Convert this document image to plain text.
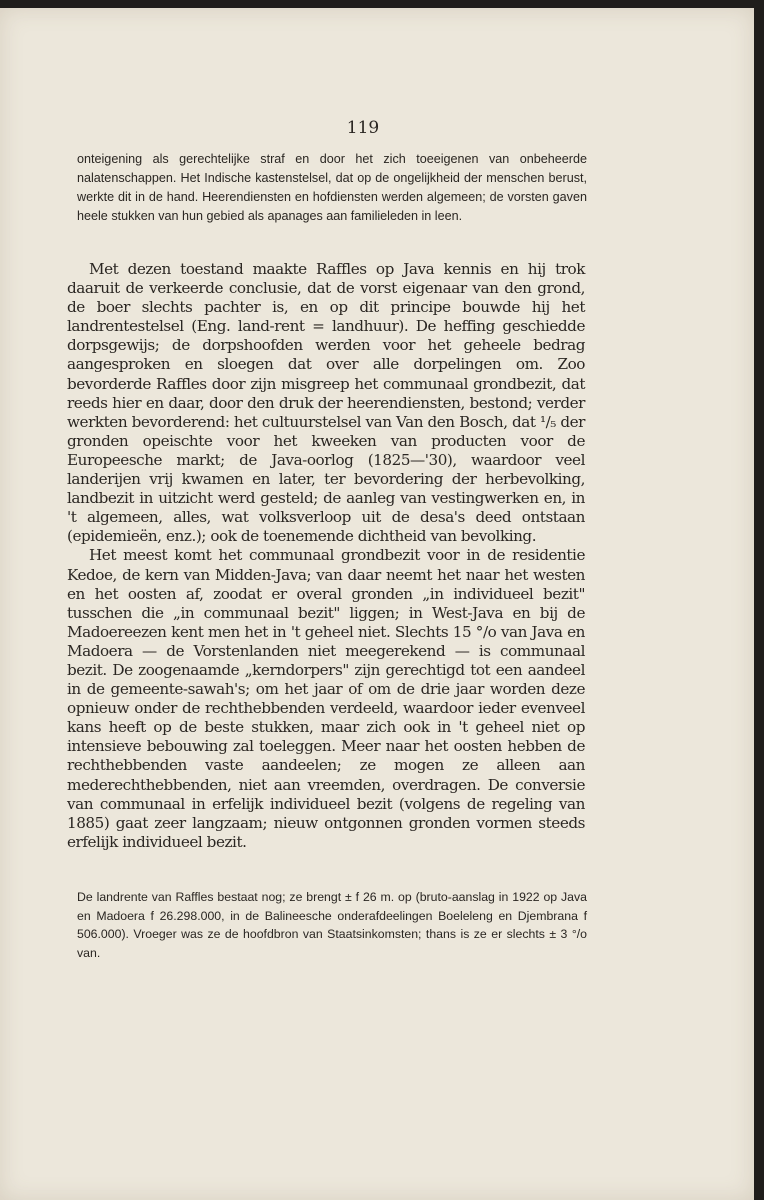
119
onteigening als gerechtelijke straf en door het zich toeeigenen van onbeheerde nalatenschappen. Het Indische kastenstelsel, dat op de ongelijkheid der menschen berust, werkte dit in de hand. Heerendiensten en hofdiensten werden algemeen; de vorsten gaven heele stukken van hun gebied als apanages aan familieleden in leen.

Met dezen toestand maakte Raffles op Java kennis en hij trok daaruit de verkeerde conclusie, dat de vorst eigenaar van den grond, de boer slechts pachter is, en op dit principe bouwde hij het landrentestelsel (Eng. land-rent = landhuur). De heffing geschiedde dorpsgewijs; de dorpshoofden werden voor het geheele bedrag aangesproken en sloegen dat over alle dorpelingen om. Zoo bevorderde Raffles door zijn misgreep het communaal grondbezit, dat reeds hier en daar, door den druk der heerendiensten, bestond; verder werkten bevorderend: het cultuurstelsel van Van den Bosch, dat ¹/₅ der gronden opeischte voor het kweeken van producten voor de Europeesche markt; de Java-oorlog (1825—'30), waardoor veel landerijen vrij kwamen en later, ter bevordering der herbevolking, landbezit in uitzicht werd gesteld; de aanleg van vestingwerken en, in 't algemeen, alles, wat volksverloop uit de desa's deed ontstaan (epidemieën, enz.); ook de toenemende dichtheid van bevolking.

Het meest komt het communaal grondbezit voor in de residentie Kedoe, de kern van Midden-Java; van daar neemt het naar het westen en het oosten af, zoodat er overal gronden „in individueel bezit" tusschen die „in communaal bezit" liggen; in West-Java en bij de Madoereezen kent men het in 't geheel niet. Slechts 15 °/o van Java en Madoera — de Vorstenlanden niet meegerekend — is communaal bezit. De zoogenaamde „kerndorpers" zijn gerechtigd tot een aandeel in de gemeente-sawah's; om het jaar of om de drie jaar worden deze opnieuw onder de rechthebbenden verdeeld, waardoor ieder evenveel kans heeft op de beste stukken, maar zich ook in 't geheel niet op intensieve bebouwing zal toeleggen. Meer naar het oosten hebben de rechthebbenden vaste aandeelen; ze mogen ze alleen aan mederechthebbenden, niet aan vreemden, overdragen. De conversie van communaal in erfelijk individueel bezit (volgens de regeling van 1885) gaat zeer langzaam; nieuw ontgonnen gronden vormen steeds erfelijk individueel bezit.

De landrente van Raffles bestaat nog; ze brengt ± f 26 m. op (bruto-aanslag in 1922 op Java en Madoera f 26.298.000, in de Balineesche onderafdeelingen Boeleleng en Djembrana f 506.000). Vroeger was ze de hoofdbron van Staatsinkomsten; thans is ze er slechts ± 3 °/o van.
